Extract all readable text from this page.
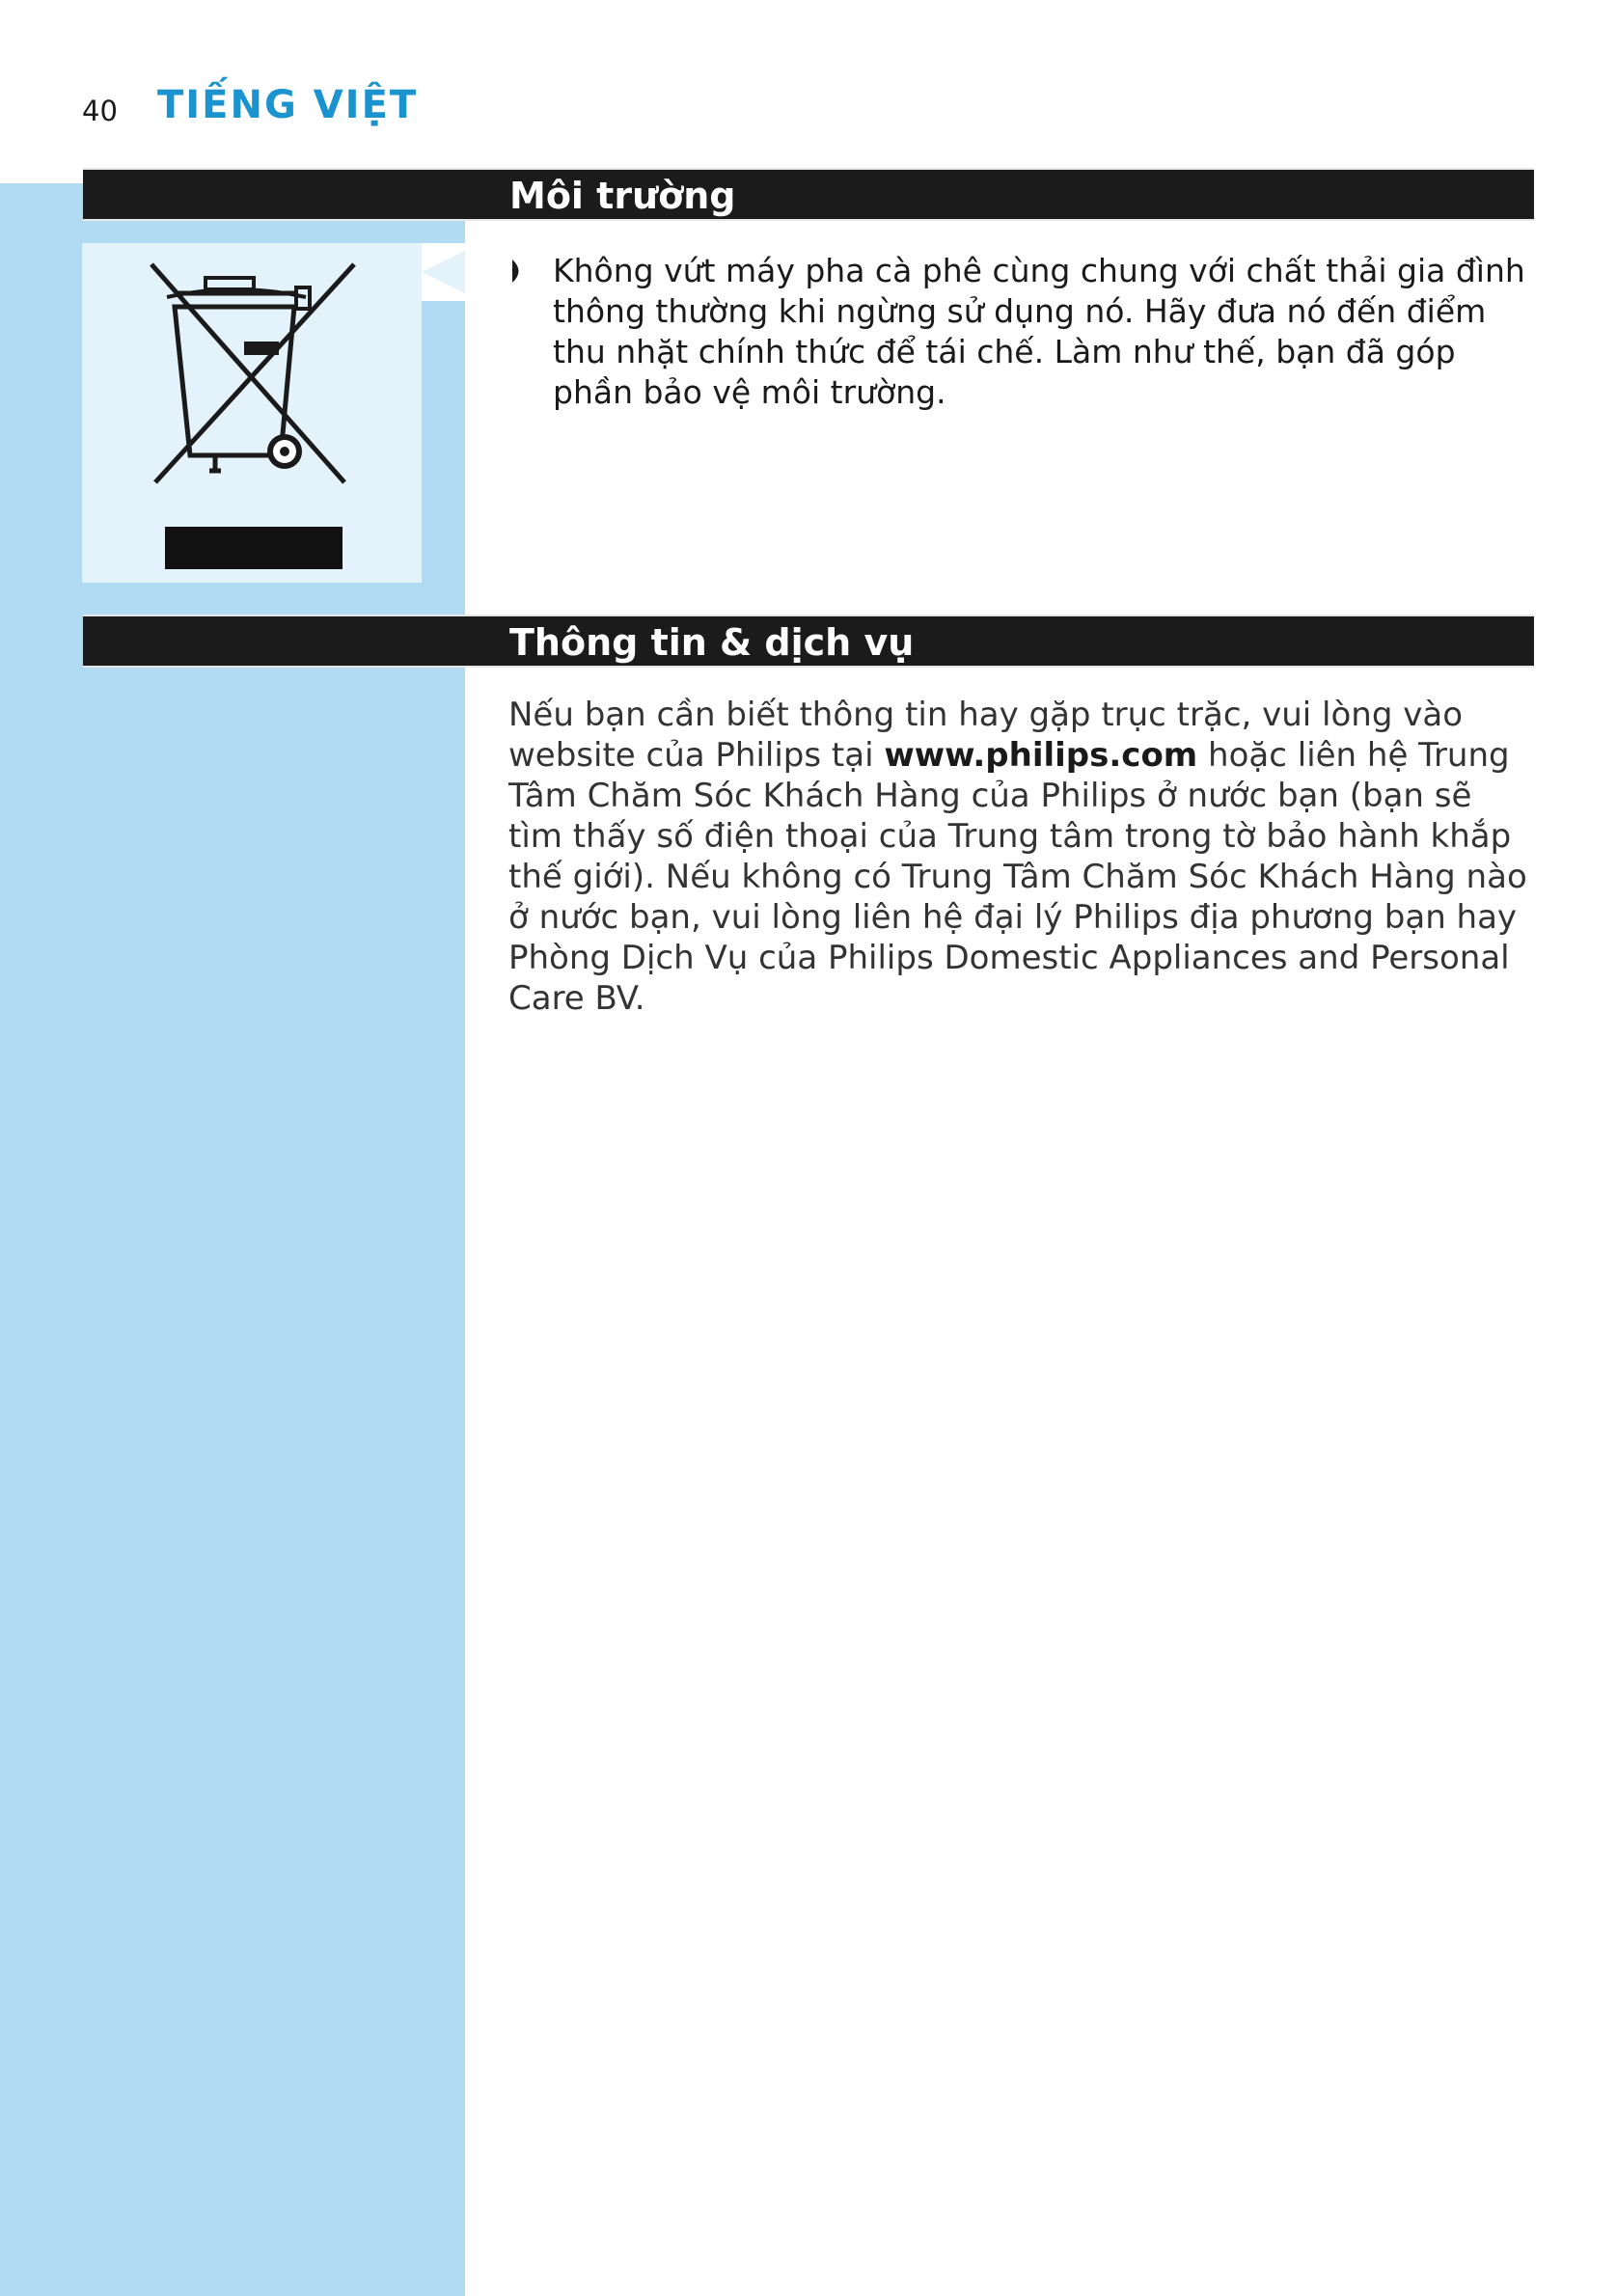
40 TIẾNG VIỆT
Môi trường
Không vứt máy pha cà phê cùng chung với chất thải gia đình thông thường khi ngừng sử dụng nó. Hãy đưa nó đến điểm thu nhặt chính thức để tái chế. Làm như thế, bạn đã góp phần bảo vệ môi trường.
Thông tin & dịch vụ

Nếu bạn cần biết thông tin hay gặp trục trặc, vui lòng vào website của Philips tại www.philips.com hoặc liên hệ Trung Tâm Chăm Sóc Khách Hàng của Philips ở nước bạn (bạn sẽ tìm thấy số điện thoại của Trung tâm trong tờ bảo hành khắp thế giới). Nếu không có Trung Tâm Chăm Sóc Khách Hàng nào ở nước bạn, vui lòng liên hệ đại lý Philips địa phương bạn hay Phòng Dịch Vụ của Philips Domestic Appliances and Personal Care BV.
